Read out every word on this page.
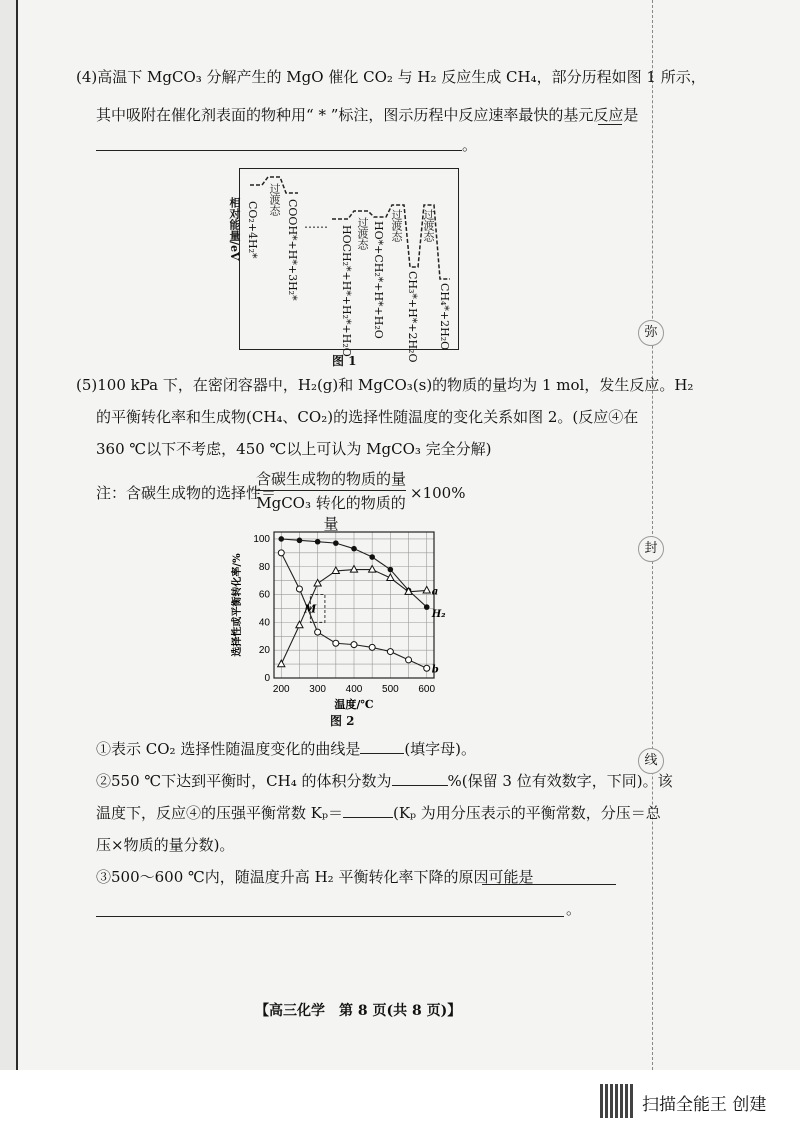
弥
封
线
(4)高温下 MgCO₃ 分解产生的 MgO 催化 CO₂ 与 H₂ 反应生成 CH₄，部分历程如图 1 所示，
其中吸附在催化剂表面的物种用“ * ”标注，图示历程中反应速率最快的基元反应是
。
相对能量/eV CO₂+4H₂*
过渡态 COOH*+H*+3H₂* ……
HOCH₂*+H*+H₂*+H₂O 过渡态 HO*+CH₂*+H*+H₂O 过渡态
CH₃*+H*+2H₂O
过渡态
CH₄*+2H₂O
图 1
(5)100 kPa 下，在密闭容器中，H₂(g)和 MgCO₃(s)的物质的量均为 1 mol，发生反应。H₂
的平衡转化率和生成物(CH₄、CO₂)的选择性随温度的变化关系如图 2。(反应④在
360 ℃以下不考虑，450 ℃以上可认为 MgCO₃ 完全分解)
注：含碳生成物的选择性＝
含碳生成物的物质的量
MgCO₃ 转化的物质的量
×100%
200 300 400 500 600
0
20
40
60
80
100
温度/℃
选择性或平衡转化率/%	H₂
a
b
M
图 2
①表示 CO₂ 选择性随温度变化的曲线是	(填字母)。
②550 ℃下达到平衡时，CH₄ 的体积分数为	%(保留 3 位有效数字，下同)。该
温度下，反应④的压强平衡常数 Kₚ＝	(Kₚ 为用分压表示的平衡常数，分压＝总
压×物质的量分数)。
③500～600 ℃内，随温度升高 H₂ 平衡转化率下降的原因可能是
。
【高三化学　第 8 页(共 8 页)】
扫描全能王 创建
